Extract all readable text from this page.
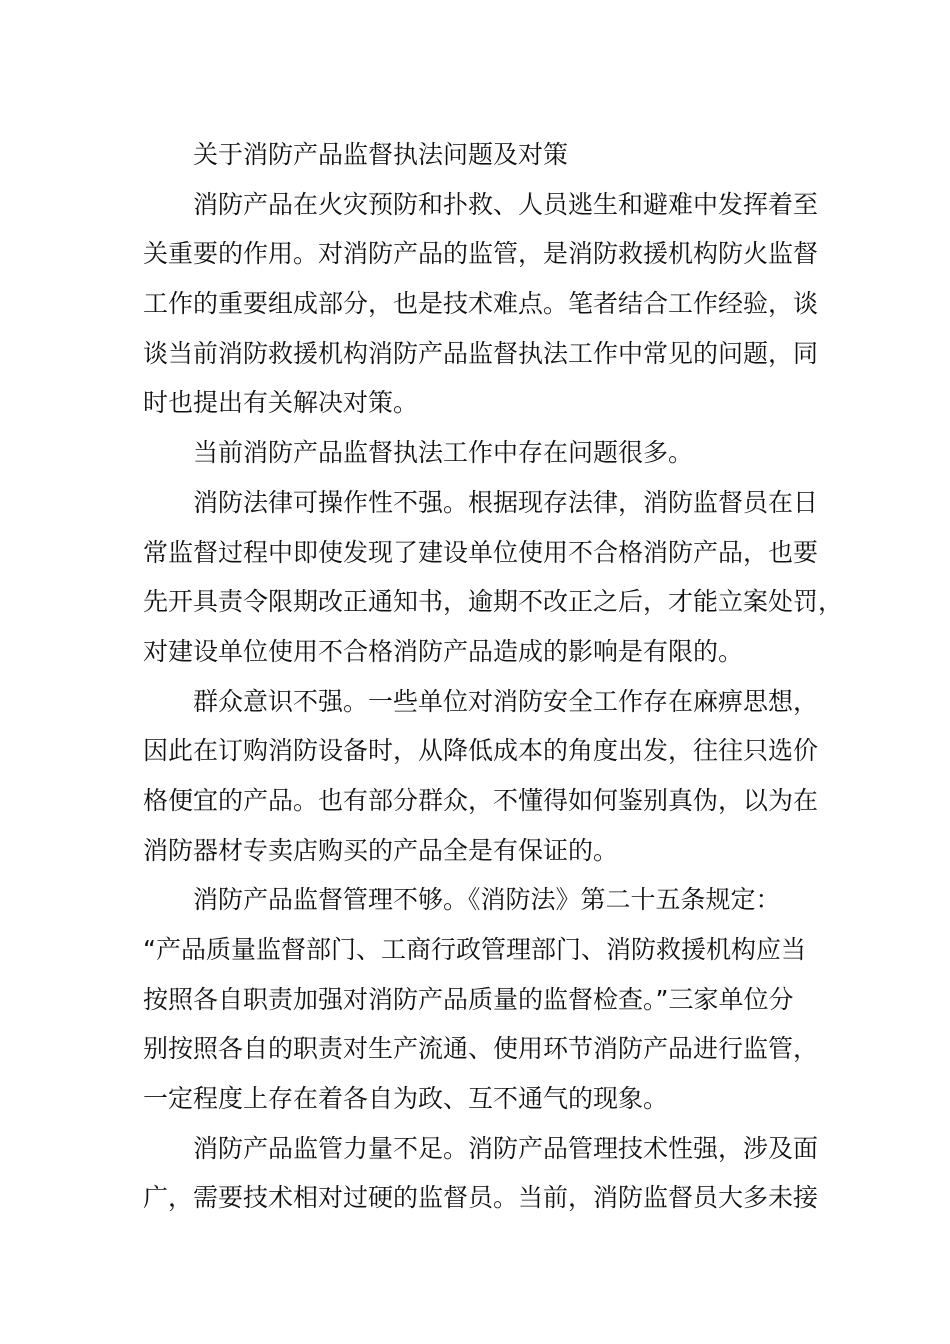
关于消防产品监督执法问题及对策
消防产品在火灾预防和扑救、人员逃生和避难中发挥着至
关重要的作用。对消防产品的监管，是消防救援机构防火监督
工作的重要组成部分，也是技术难点。笔者结合工作经验，谈
谈当前消防救援机构消防产品监督执法工作中常见的问题，同
时也提出有关解决对策。
当前消防产品监督执法工作中存在问题很多。
消防法律可操作性不强。根据现存法律，消防监督员在日
常监督过程中即使发现了建设单位使用不合格消防产品，也要
先开具责令限期改正通知书，逾期不改正之后，才能立案处罚，
对建设单位使用不合格消防产品造成的影响是有限的。
群众意识不强。一些单位对消防安全工作存在麻痹思想，
因此在订购消防设备时，从降低成本的角度出发，往往只选价
格便宜的产品。也有部分群众，不懂得如何鉴别真伪，以为在
消防器材专卖店购买的产品全是有保证的。
消防产品监督管理不够。《消防法》第二十五条规定：
“产品质量监督部门、工商行政管理部门、消防救援机构应当
按照各自职责加强对消防产品质量的监督检查。”三家单位分
别按照各自的职责对生产流通、使用环节消防产品进行监管，
一定程度上存在着各自为政、互不通气的现象。
消防产品监管力量不足。消防产品管理技术性强，涉及面
广，需要技术相对过硬的监督员。当前，消防监督员大多未接
